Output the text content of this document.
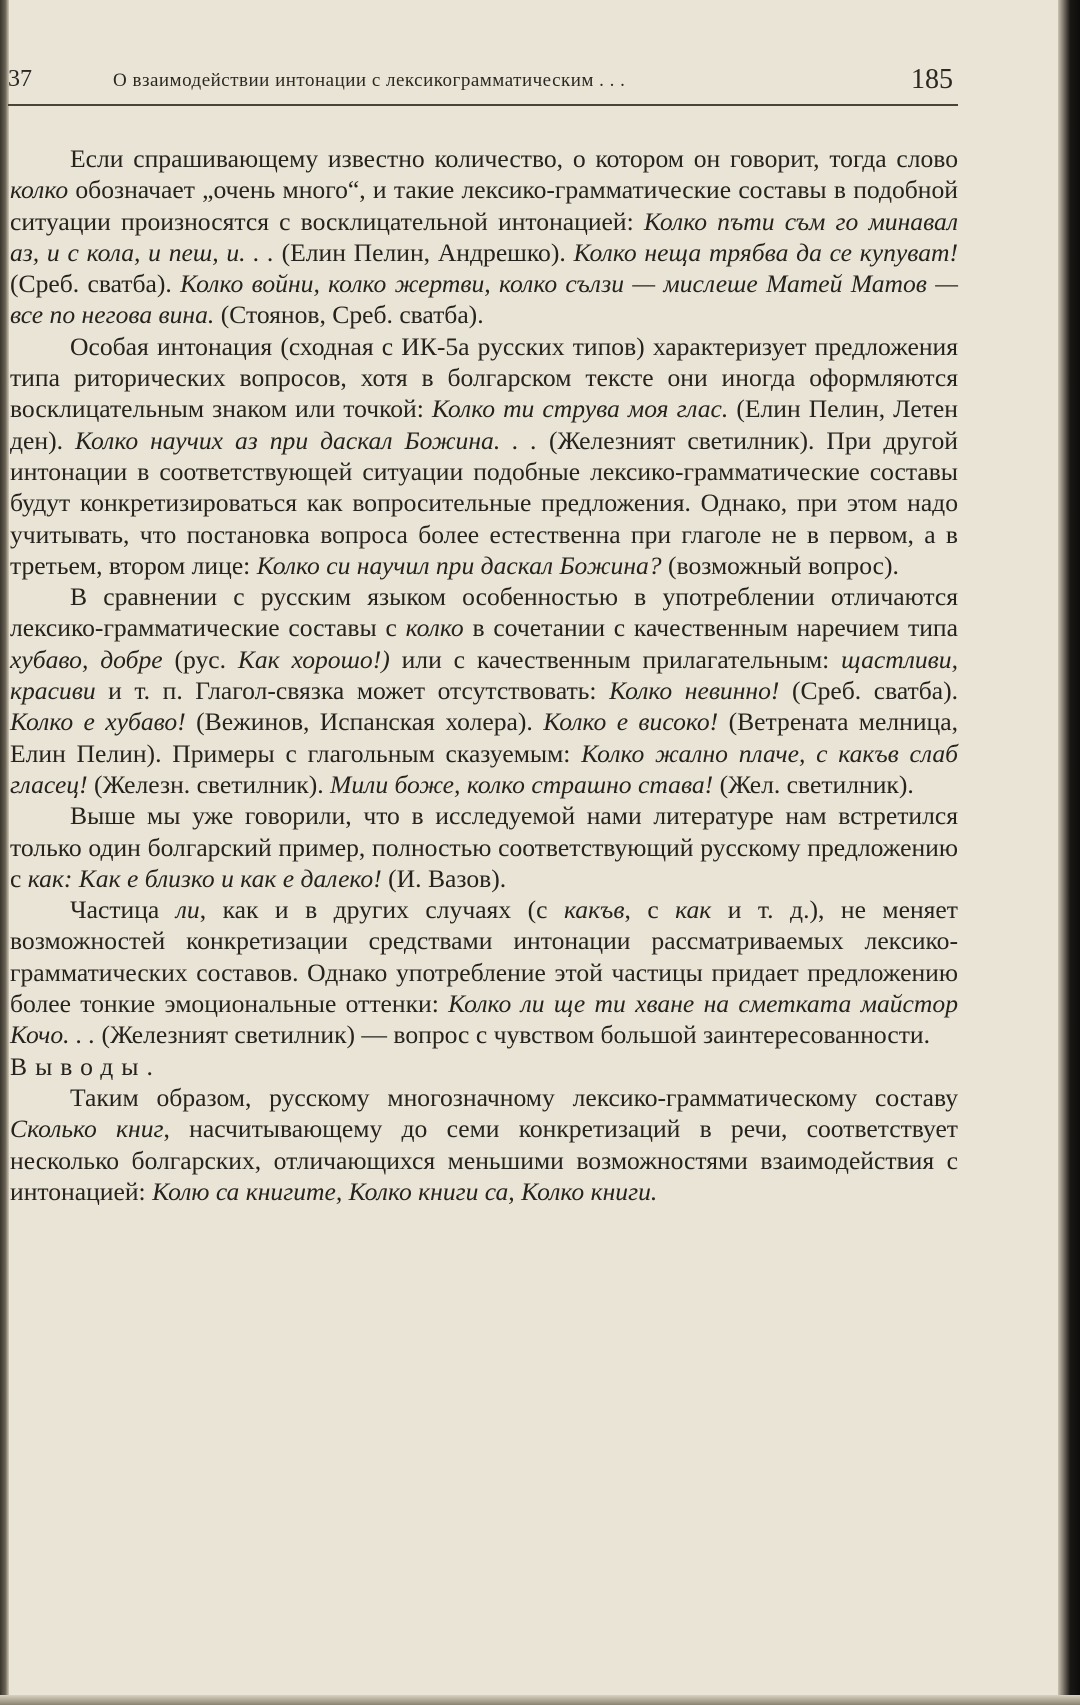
37	О взаимодействии интонации с лексикограмматическим . . .	185

Если спрашивающему известно количество, о котором он говорит, тогда слово колко обозначает „очень много“, и такие лексико-грамматические составы в подобной ситуации произносятся с восклицательной интонацией: Колко пъти съм го минавал аз, и с кола, и пеш, и. . . (Елин Пелин, Андрешко). Колко неща трябва да се купуват! (Среб. сватба). Колко войни, колко жертви, колко сълзи — мислеше Матей Матов — все по негова вина. (Стоянов, Среб. сватба).

Особая интонация (сходная с ИК-5а русских типов) характеризует предложения типа риторических вопросов, хотя в болгарском тексте они иногда оформляются восклицательным знаком или точкой: Колко ти струва моя глас. (Елин Пелин, Летен ден). Колко научих аз при даскал Божина. . . (Железният светилник). При другой интонации в соответствующей ситуации подобные лексико-грамматические составы будут конкретизироваться как вопросительные предложения. Однако, при этом надо учитывать, что постановка вопроса более естественна при глаголе не в первом, а в третьем, втором лице: Колко си научил при даскал Божина? (возможный вопрос).

В сравнении с русским языком особенностью в употреблении отличаются лексико-грамматические составы с колко в сочетании с качественным наречием типа хубаво, добре (рус. Как хорошо!) или с качественным прилагательным: щастливи, красиви и т. п. Глагол-связка может отсутствовать: Колко невинно! (Среб. сватба). Колко е хубаво! (Вежинов, Испанская холера). Колко е високо! (Ветрената мелница, Елин Пелин). Примеры с глагольным сказуемым: Колко жално плаче, с какъв слаб гласец! (Железн. светилник). Мили боже, колко страшно става! (Жел. светилник).

Выше мы уже говорили, что в исследуемой нами литературе нам встретился только один болгарский пример, полностью соответствующий русскому предложению с как: Как е близко и как е далеко! (И. Вазов).

Частица ли, как и в других случаях (с какъв, с как и т. д.), не меняет возможностей конкретизации средствами интонации рассматриваемых лексико-грамматических составов. Однако употребление этой частицы придает предложению более тонкие эмоциональные оттенки: Колко ли ще ти хване на сметката майстор Кочо. . . (Железният светилник) — вопрос с чувством большой заинтересованности.

Выводы.

Таким образом, русскому многозначному лексико-грамматическому составу Сколько книг, насчитывающему до семи конкретизаций в речи, соответствует несколько болгарских, отличающихся меньшими возможностями взаимодействия с интонацией: Колю са книгите, Колко книги са, Колко книги.
